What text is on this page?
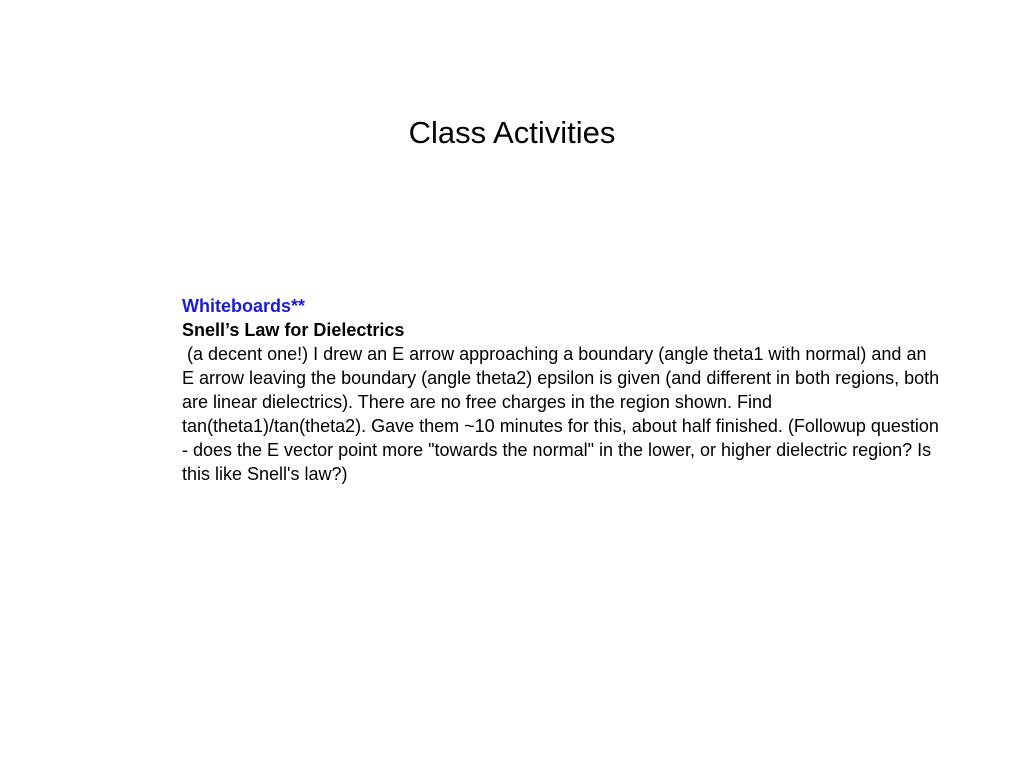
Class Activities
Whiteboards**
Snell’s Law for Dielectrics
(a decent one!) I drew an E arrow approaching a boundary (angle theta1 with normal) and an E arrow leaving the boundary (angle theta2) epsilon is given (and different in both regions, both are linear dielectrics). There are no free charges in the region shown. Find tan(theta1)/tan(theta2). Gave them ~10 minutes for this, about half finished. (Followup question - does the E vector point more "towards the normal" in the lower, or higher dielectric region? Is this like Snell's law?)
